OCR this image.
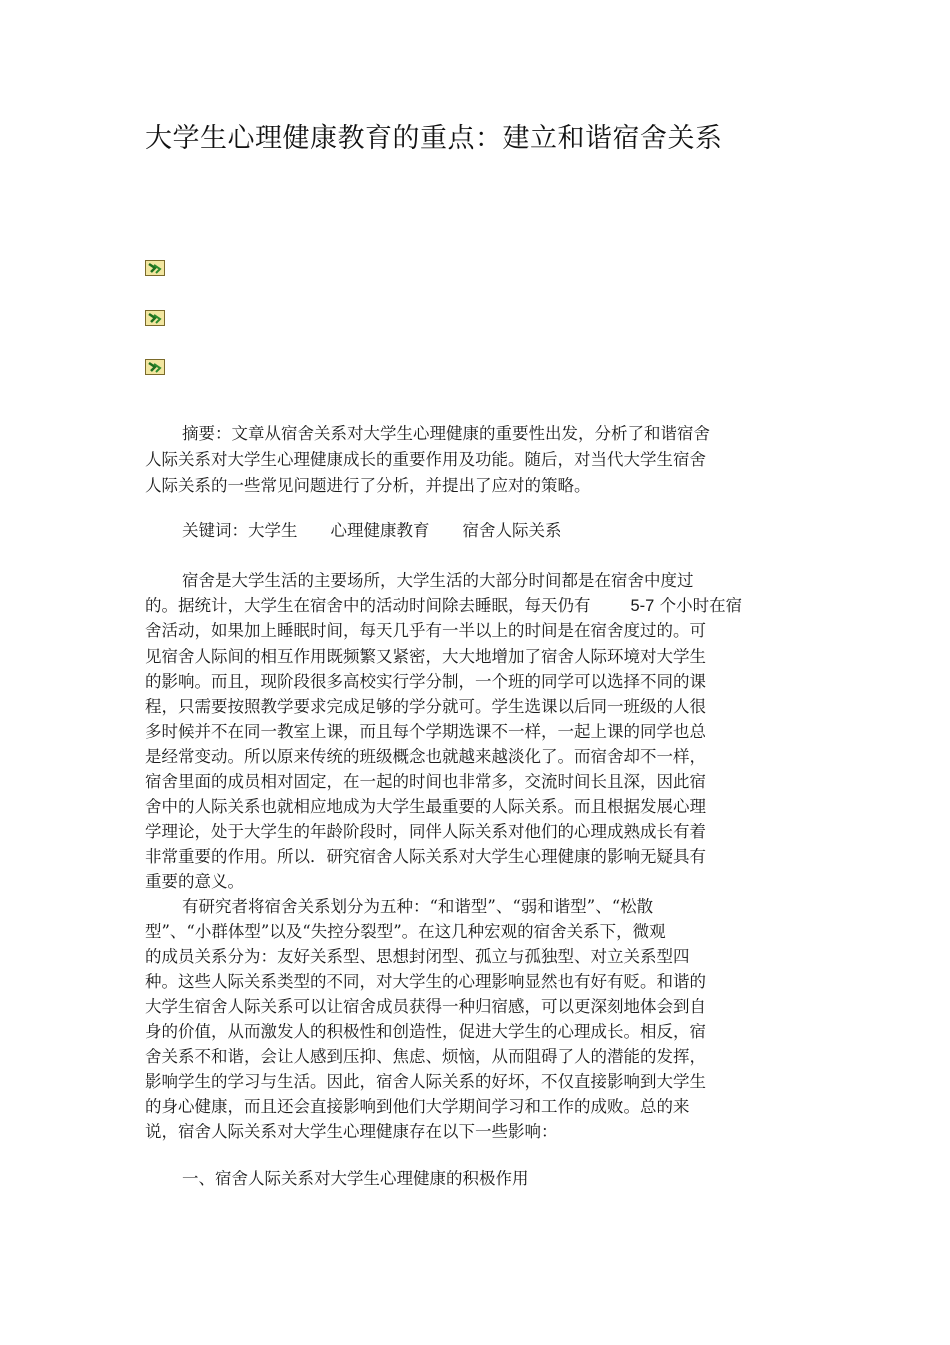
大学生心理健康教育的重点：建立和谐宿舍关系
摘要：文章从宿舍关系对大学生心理健康的重要性出发，分析了和谐宿舍
人际关系对大学生心理健康成长的重要作用及功能。随后，对当代大学生宿舍
人际关系的一些常见问题进行了分析，并提出了应对的策略。
关键词：大学生　　心理健康教育　　宿舍人际关系
宿舍是大学生活的主要场所，大学生活的大部分时间都是在宿舍中度过
的。据统计，大学生在宿舍中的活动时间除去睡眠，每天仍有 5-7 个小时在宿
舍活动，如果加上睡眠时间，每天几乎有一半以上的时间是在宿舍度过的。可
见宿舍人际间的相互作用既频繁又紧密，大大地增加了宿舍人际环境对大学生
的影响。而且，现阶段很多高校实行学分制，一个班的同学可以选择不同的课
程，只需要按照教学要求完成足够的学分就可。学生选课以后同一班级的人很
多时候并不在同一教室上课，而且每个学期选课不一样，一起上课的同学也总
是经常变动。所以原来传统的班级概念也就越来越淡化了。而宿舍却不一样，
宿舍里面的成员相对固定，在一起的时间也非常多，交流时间长且深，因此宿
舍中的人际关系也就相应地成为大学生最重要的人际关系。而且根据发展心理
学理论，处于大学生的年龄阶段时，同伴人际关系对他们的心理成熟成长有着
非常重要的作用。所以．研究宿舍人际关系对大学生心理健康的影响无疑具有
重要的意义。
有研究者将宿舍关系划分为五种：“和谐型”、“弱和谐型”、“松散
型”、“小群体型”以及“失控分裂型”。在这几种宏观的宿舍关系下，微观
的成员关系分为：友好关系型、思想封闭型、孤立与孤独型、对立关系型四
种。这些人际关系类型的不同，对大学生的心理影响显然也有好有贬。和谐的
大学生宿舍人际关系可以让宿舍成员获得一种归宿感，可以更深刻地体会到自
身的价值，从而激发人的积极性和创造性，促进大学生的心理成长。相反，宿
舍关系不和谐，会让人感到压抑、焦虑、烦恼，从而阻碍了人的潜能的发挥，
影响学生的学习与生活。因此，宿舍人际关系的好坏，不仅直接影响到大学生
的身心健康，而且还会直接影响到他们大学期间学习和工作的成败。总的来
说，宿舍人际关系对大学生心理健康存在以下一些影响：
一、宿舍人际关系对大学生心理健康的积极作用
